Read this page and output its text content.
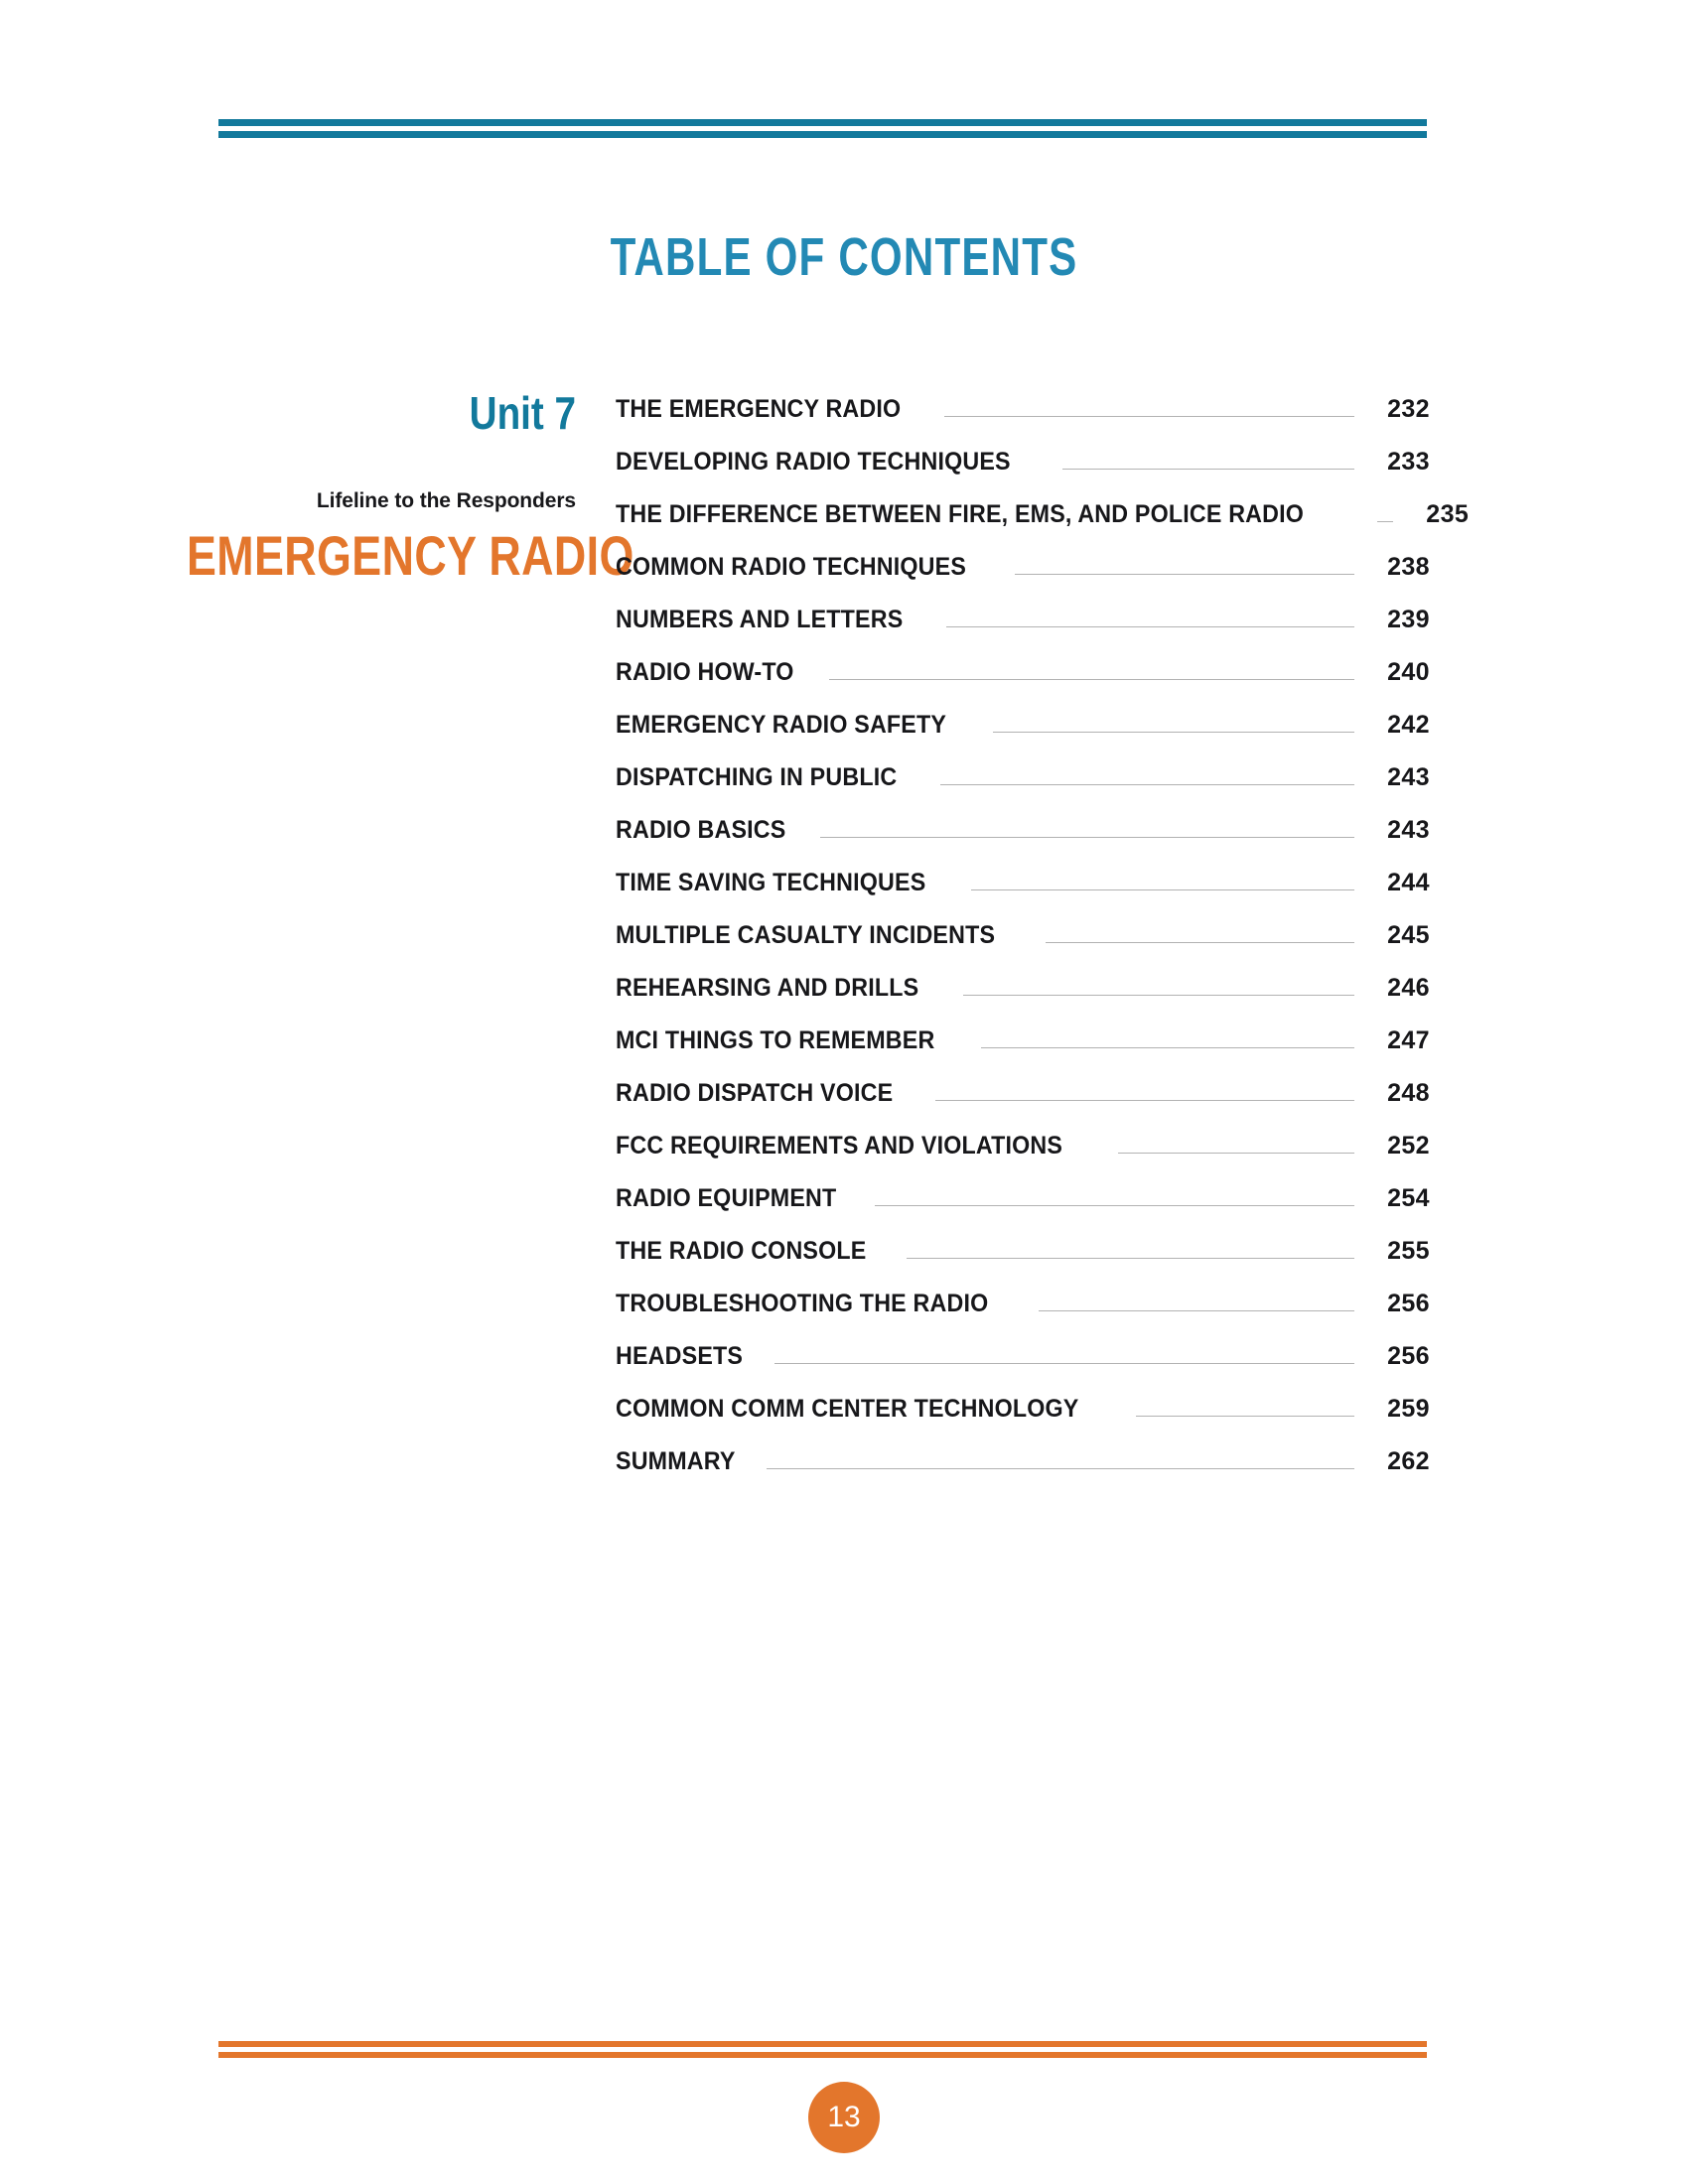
TABLE OF CONTENTS
Unit 7
Lifeline to the Responders
EMERGENCY RADIO
THE EMERGENCY RADIO	232
DEVELOPING RADIO TECHNIQUES	233
THE DIFFERENCE BETWEEN FIRE, EMS, AND POLICE RADIO	235
COMMON RADIO TECHNIQUES	238
NUMBERS AND LETTERS	239
RADIO HOW-TO	240
EMERGENCY RADIO SAFETY	242
DISPATCHING IN PUBLIC	243
RADIO BASICS	243
TIME SAVING TECHNIQUES	244
MULTIPLE CASUALTY INCIDENTS	245
REHEARSING AND DRILLS	246
MCI THINGS TO REMEMBER	247
RADIO DISPATCH VOICE	248
FCC REQUIREMENTS AND VIOLATIONS	252
RADIO EQUIPMENT	254
THE RADIO CONSOLE	255
TROUBLESHOOTING THE RADIO	256
HEADSETS	256
COMMON COMM CENTER TECHNOLOGY	259
SUMMARY	262
13
